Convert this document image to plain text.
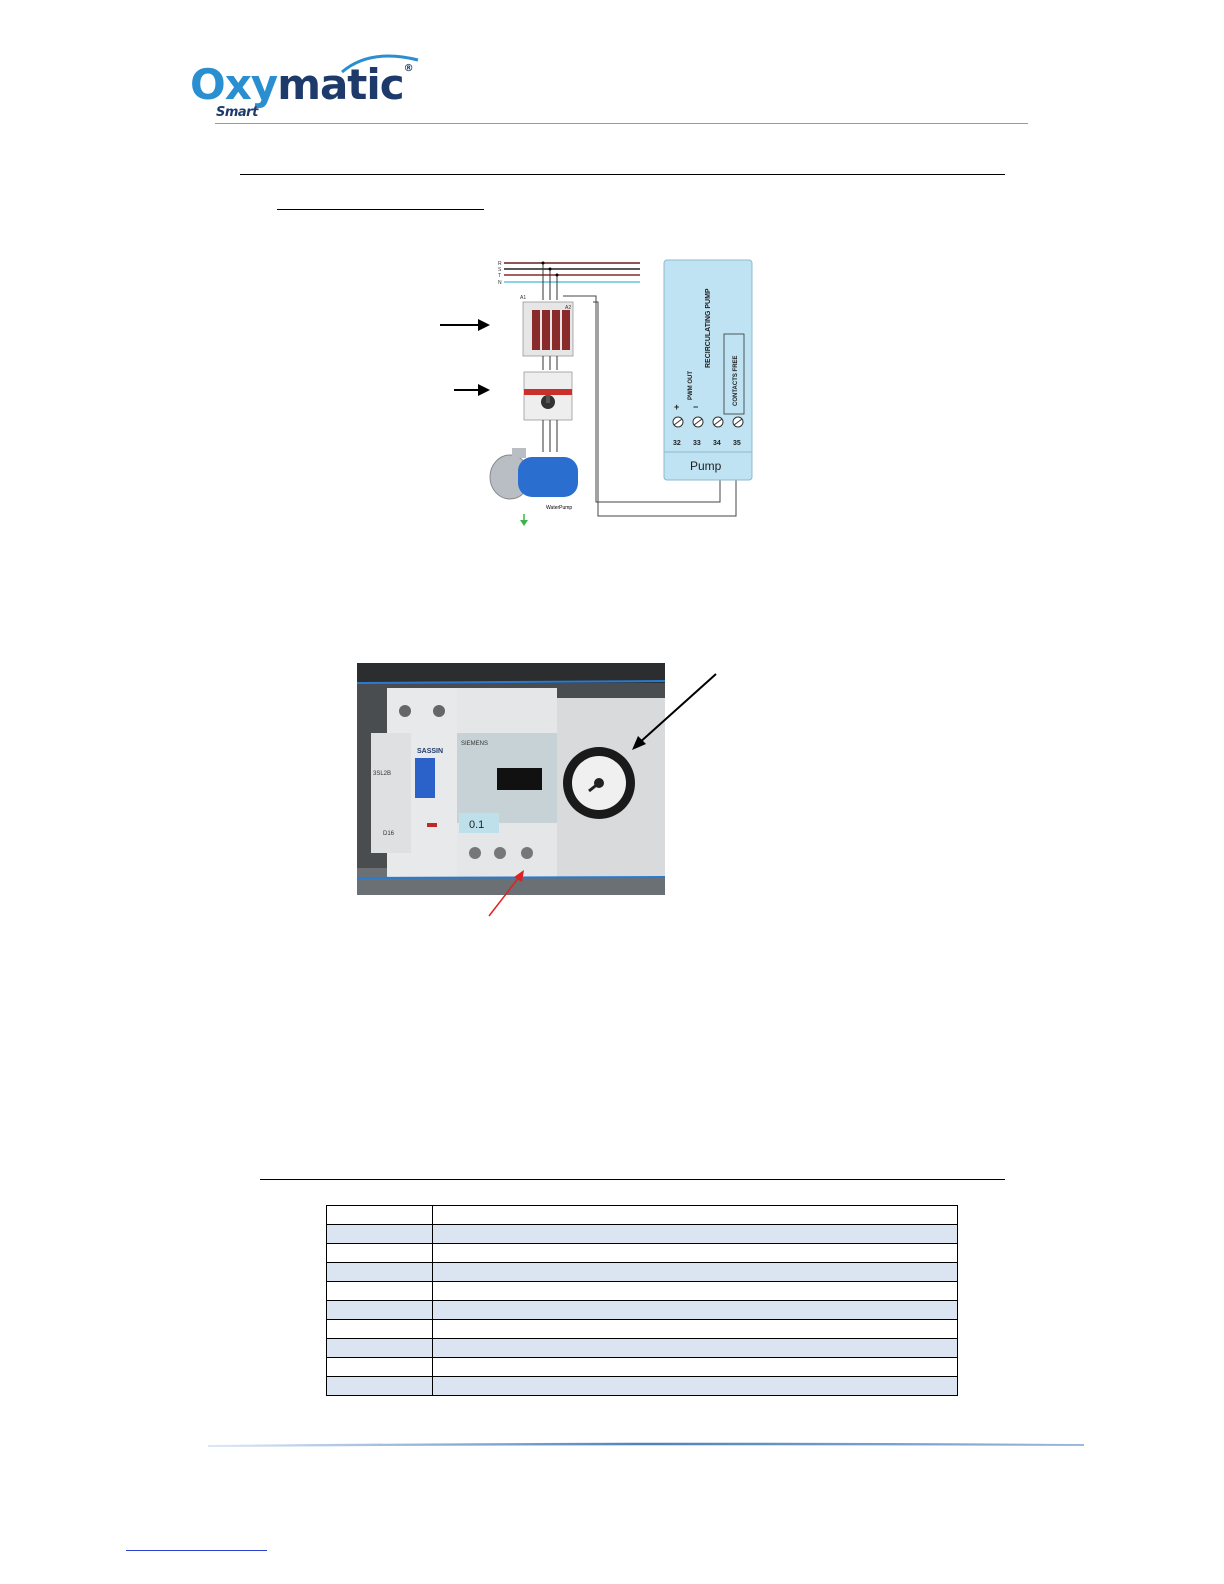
Oxymatic®
Smart
R
S
T
N
A1
A2
WaterPump
RECIRCULATING PUMP
PWM OUT	CONTACTS FREE
+ −
32 33 34 35
Pump
SASSIN
3SL2B
D16
SIEMENS
0.1
